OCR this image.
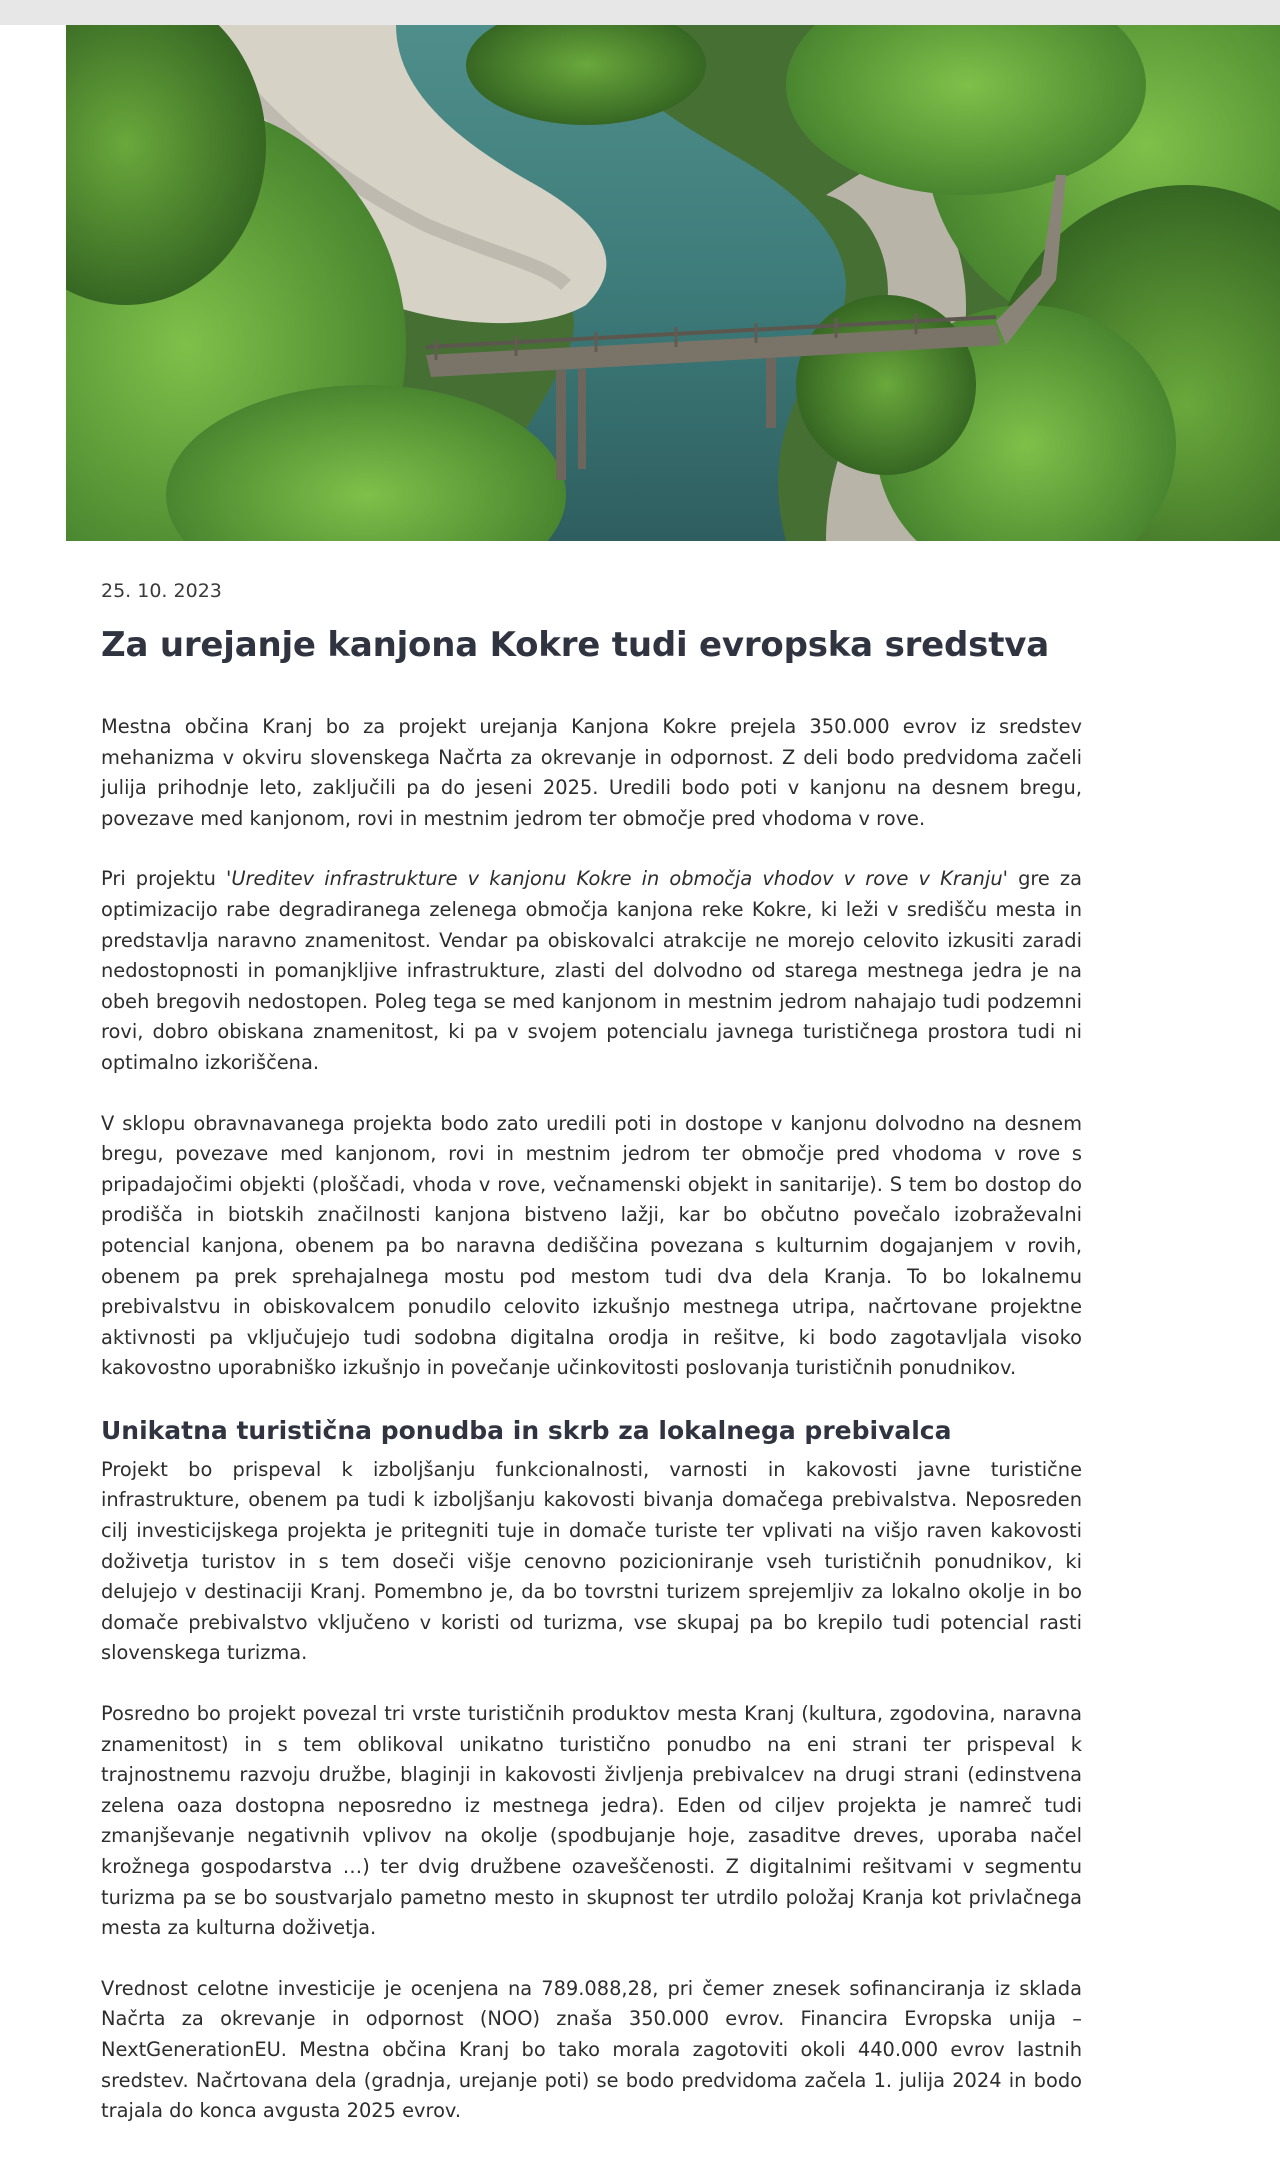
25. 10. 2023
Za urejanje kanjona Kokre tudi evropska sredstva

Mestna občina Kranj bo za projekt urejanja Kanjona Kokre prejela 350.000 evrov iz sredstev mehanizma v okviru slovenskega Načrta za okrevanje in odpornost. Z deli bodo predvidoma začeli julija prihodnje leto, zaključili pa do jeseni 2025. Uredili bodo poti v kanjonu na desnem bregu, povezave med kanjonom, rovi in mestnim jedrom ter območje pred vhodoma v rove.

Pri projektu 'Ureditev infrastrukture v kanjonu Kokre in območja vhodov v rove v Kranju' gre za optimizacijo rabe degradiranega zelenega območja kanjona reke Kokre, ki leži v središču mesta in predstavlja naravno znamenitost. Vendar pa obiskovalci atrakcije ne morejo celovito izkusiti zaradi nedostopnosti in pomanjkljive infrastrukture, zlasti del dolvodno od starega mestnega jedra je na obeh bregovih nedostopen. Poleg tega se med kanjonom in mestnim jedrom nahajajo tudi podzemni rovi, dobro obiskana znamenitost, ki pa v svojem potencialu javnega turističnega prostora tudi ni optimalno izkoriščena.

V sklopu obravnavanega projekta bodo zato uredili poti in dostope v kanjonu dolvodno na desnem bregu, povezave med kanjonom, rovi in mestnim jedrom ter območje pred vhodoma v rove s pripadajočimi objekti (ploščadi, vhoda v rove, večnamenski objekt in sanitarije). S tem bo dostop do prodišča in biotskih značilnosti kanjona bistveno lažji, kar bo občutno povečalo izobraževalni potencial kanjona, obenem pa bo naravna dediščina povezana s kulturnim dogajanjem v rovih, obenem pa prek sprehajalnega mostu pod mestom tudi dva dela Kranja. To bo lokalnemu prebivalstvu in obiskovalcem ponudilo celovito izkušnjo mestnega utripa, načrtovane projektne aktivnosti pa vključujejo tudi sodobna digitalna orodja in rešitve, ki bodo zagotavljala visoko kakovostno uporabniško izkušnjo in povečanje učinkovitosti poslovanja turističnih ponudnikov.

Unikatna turistična ponudba in skrb za lokalnega prebivalca

Projekt bo prispeval k izboljšanju funkcionalnosti, varnosti in kakovosti javne turistične infrastrukture, obenem pa tudi k izboljšanju kakovosti bivanja domačega prebivalstva. Neposreden cilj investicijskega projekta je pritegniti tuje in domače turiste ter vplivati na višjo raven kakovosti doživetja turistov in s tem doseči višje cenovno pozicioniranje vseh turističnih ponudnikov, ki delujejo v destinaciji Kranj. Pomembno je, da bo tovrstni turizem sprejemljiv za lokalno okolje in bo domače prebivalstvo vključeno v koristi od turizma, vse skupaj pa bo krepilo tudi potencial rasti slovenskega turizma.

Posredno bo projekt povezal tri vrste turističnih produktov mesta Kranj (kultura, zgodovina, naravna znamenitost) in s tem oblikoval unikatno turistično ponudbo na eni strani ter prispeval k trajnostnemu razvoju družbe, blaginji in kakovosti življenja prebivalcev na drugi strani (edinstvena zelena oaza dostopna neposredno iz mestnega jedra). Eden od ciljev projekta je namreč tudi zmanjševanje negativnih vplivov na okolje (spodbujanje hoje, zasaditve dreves, uporaba načel krožnega gospodarstva …) ter dvig družbene ozaveščenosti. Z digitalnimi rešitvami v segmentu turizma pa se bo soustvarjalo pametno mesto in skupnost ter utrdilo položaj Kranja kot privlačnega mesta za kulturna doživetja.

Vrednost celotne investicije je ocenjena na 789.088,28, pri čemer znesek sofinanciranja iz sklada Načrta za okrevanje in odpornost (NOO) znaša 350.000 evrov. Financira Evropska unija – NextGenerationEU. Mestna občina Kranj bo tako morala zagotoviti okoli 440.000 evrov lastnih sredstev. Načrtovana dela (gradnja, urejanje poti) se bodo predvidoma začela 1. julija 2024 in bodo trajala do konca avgusta 2025 evrov.
